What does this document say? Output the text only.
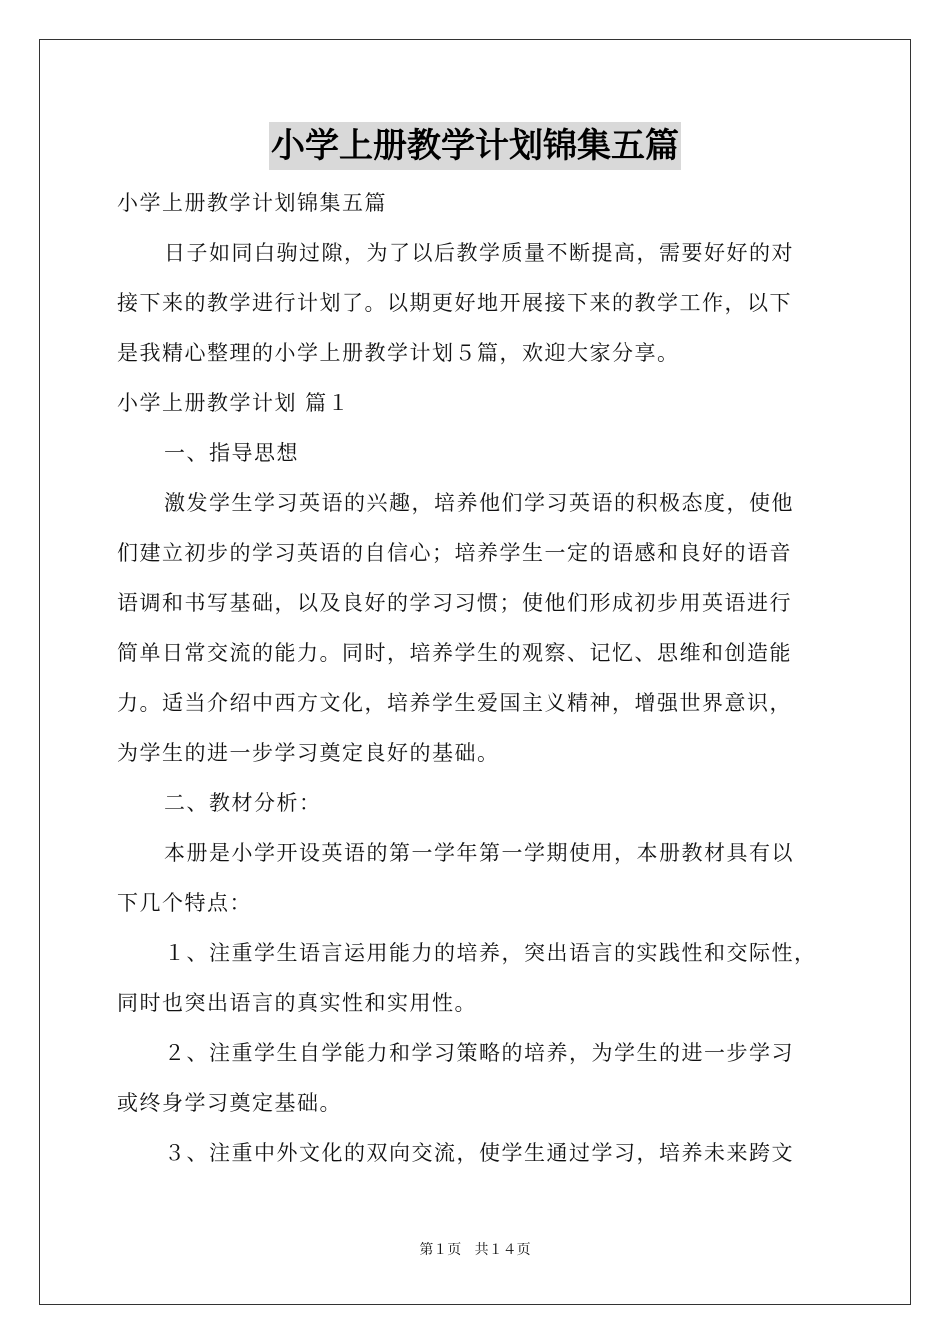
小学上册教学计划锦集五篇
小学上册教学计划锦集五篇
日子如同白驹过隙，为了以后教学质量不断提高，需要好好的对
接下来的教学进行计划了。以期更好地开展接下来的教学工作，以下
是我精心整理的小学上册教学计划５篇，欢迎大家分享。
小学上册教学计划 篇１
一、指导思想
激发学生学习英语的兴趣，培养他们学习英语的积极态度，使他
们建立初步的学习英语的自信心；培养学生一定的语感和良好的语音
语调和书写基础，以及良好的学习习惯；使他们形成初步用英语进行
简单日常交流的能力。同时，培养学生的观察、记忆、思维和创造能
力。适当介绍中西方文化，培养学生爱国主义精神，增强世界意识，
为学生的进一步学习奠定良好的基础。
二、教材分析：
本册是小学开设英语的第一学年第一学期使用，本册教材具有以
下几个特点：
１、注重学生语言运用能力的培养，突出语言的实践性和交际性，
同时也突出语言的真实性和实用性。
２、注重学生自学能力和学习策略的培养，为学生的进一步学习
或终身学习奠定基础。
３、注重中外文化的双向交流，使学生通过学习，培养未来跨文
第１页 共１４页
